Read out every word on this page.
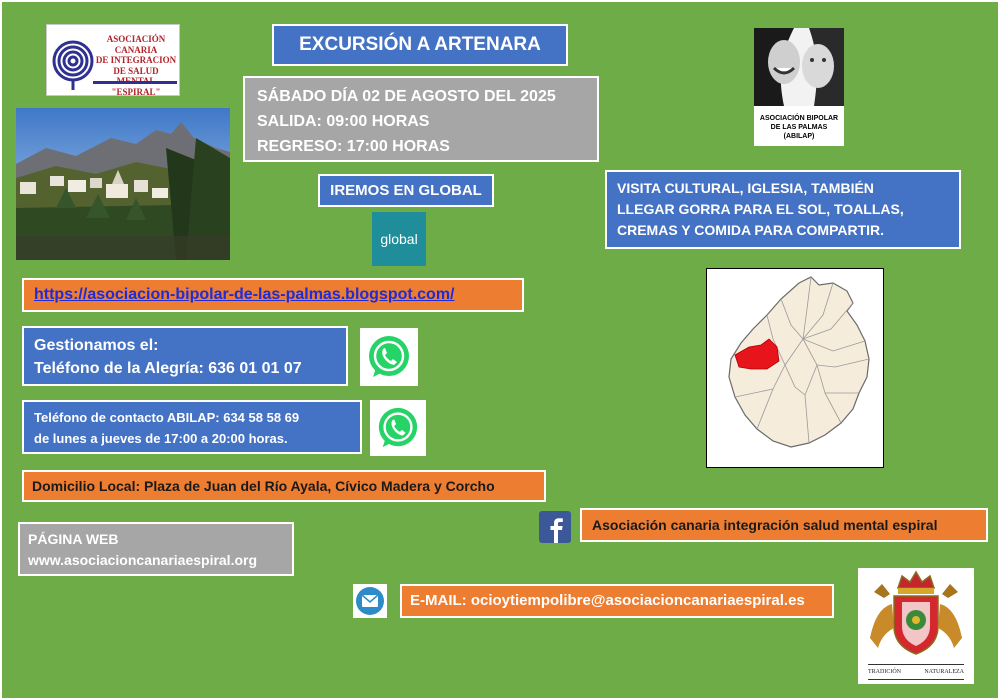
ASOCIACIÓN CANARIA
DE INTEGRACION
DE SALUD
"ESPIRAL"
EXCURSIÓN A ARTENARA
SÁBADO DÍA 02 DE AGOSTO DEL 2025
SALIDA: 09:00 HORAS
REGRESO: 17:00 HORAS
IREMOS EN GLOBAL
global
ASOCIACIÓN BIPOLAR
DE LAS PALMAS
(ABILAP)
VISITA CULTURAL, IGLESIA, TAMBIÉN
LLEGAR GORRA PARA EL SOL, TOALLAS,
CREMAS Y COMIDA PARA COMPARTIR.
https://asociacion-bipolar-de-las-palmas.blogspot.com/
Gestionamos el:
Teléfono de la Alegría: 636 01 01 07
Teléfono de contacto ABILAP: 634 58 58 69
de lunes a jueves de 17:00 a 20:00 horas.
Domicilio Local: Plaza de Juan del Río Ayala, Cívico Madera y Corcho
PÁGINA WEB
www.asociacioncanariaespiral.org
Asociación canaria integración salud mental espiral
E-MAIL: ocioytiempolibre@asociacioncanariaespiral.es
TRADICIÓN	NATURALEZA
